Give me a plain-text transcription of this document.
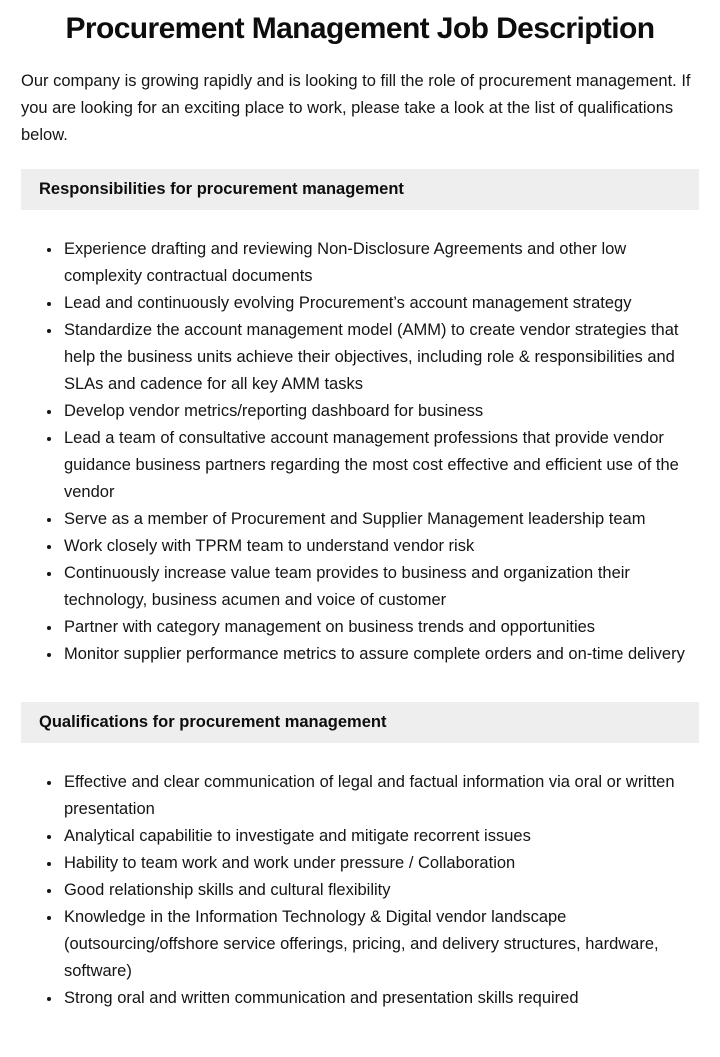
Procurement Management Job Description

Our company is growing rapidly and is looking to fill the role of procurement management. If you are looking for an exciting place to work, please take a look at the list of qualifications below.

Responsibilities for procurement management
• Experience drafting and reviewing Non-Disclosure Agreements and other low complexity contractual documents
• Lead and continuously evolving Procurement’s account management strategy
• Standardize the account management model (AMM) to create vendor strategies that help the business units achieve their objectives, including role & responsibilities and SLAs and cadence for all key AMM tasks
• Develop vendor metrics/reporting dashboard for business
• Lead a team of consultative account management professions that provide vendor guidance business partners regarding the most cost effective and efficient use of the vendor
• Serve as a member of Procurement and Supplier Management leadership team
• Work closely with TPRM team to understand vendor risk
• Continuously increase value team provides to business and organization their technology, business acumen and voice of customer
• Partner with category management on business trends and opportunities
• Monitor supplier performance metrics to assure complete orders and on-time delivery
Qualifications for procurement management
• Effective and clear communication of legal and factual information via oral or written presentation
• Analytical capabilitie to investigate and mitigate recorrent issues
• Hability to team work and work under pressure / Collaboration
• Good relationship skills and cultural flexibility
• Knowledge in the Information Technology & Digital vendor landscape (outsourcing/offshore service offerings, pricing, and delivery structures, hardware, software)
• Strong oral and written communication and presentation skills required
